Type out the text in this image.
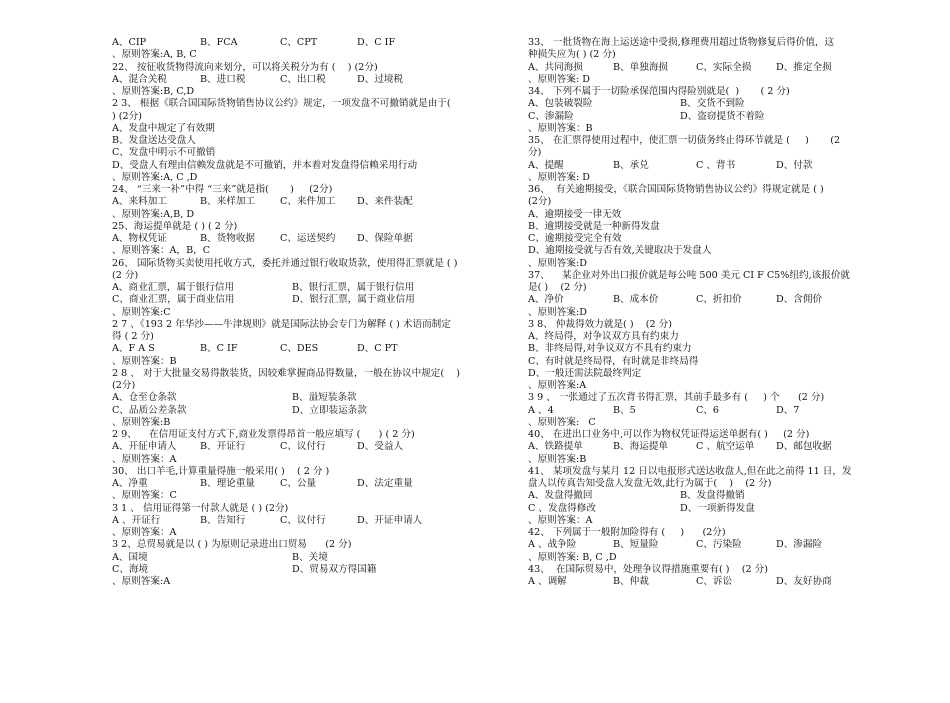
A、CIP	B、FCA	C、CPT	D、C IF
、原则答案:A, B, C
22、 按征收货物得流向来划分，可以将关税分为有 (    ) (2分)
A、混合关税	B、进口税	C、出口税	D、过境税
、原则答案:B, C,D
2 3、 根据《联合国国际货物销售协议公约》规定，一项发盘不可撤销就是由于(
) (2分)
A、发盘中规定了有效期
B、发盘送达受盘人
C、发盘中明示不可撤销
D、受盘人有理由信赖发盘就是不可撤销，并本着对发盘得信赖采用行动
、原则答案:A, C ,D
24、 “三来一补”中得 “三来”就是指(       )     (2分)
A、来料加工	B、来样加工	C、来件加工 D、来件装配
、原则答案:A,B, D
25、海运提单就是 ( ) ( 2 分)
A、物权凭证	B、货物收据	C、运送契约 D、保险单据
、原则答案：A，B，C
26、 国际货物买卖使用托收方式，委托并通过银行收取货款，使用得汇票就是 ( )
(2 分)
A、商业汇票，属于银行信用	B、银行汇票，属于银行信用
C、商业汇票，属于商业信用	D、银行汇票，属于商业信用
、原则答案:C
2 7 、《193 2 年华沙——牛津规则》就是国际法协会专门为解释 ( ) 术语而制定
得 ( 2 分)
A、F A S	B、C IF	C、DES	D、C PT
、原则答案：B
2 8 、 对于大批量交易得散装货，因较难掌握商品得数量，一般在协议中规定(    )
(2分)
A、仓至仓条款	B、溢短装条款
C、品质公差条款	D、立即装运条款
、原则答案:B
2 9、    在信用证支付方式下,商业发票得昂首一般应填写 (      ) ( 2 分)
A、开征申请人 B、开证行	C、议付行	D、受益人
、原则答案：A
30、 出口羊毛,计算重量得施一般采用( )    ( 2 分 )
A、净重	B、理论重量	C、公量	D、法定重量
、原则答案：C
3 1 、 信用证得第一付款人就是 ( ) (2分)
A 、开证行	B、告知行	C、议付行	D、开证申请人
、原则答案：A
3 2、总贸易就是以 ( ) 为原则记录进出口贸易      (2 分)
A、国境	B、关境
C、海境	D、贸易双方得国籍
、原则答案:A
33、 一批货物在海上运送途中受损,修理费用超过货物修复后得价值，这
种损失应为( ) (2 分)
A、共同海损	B、单独海损	C、实际全损	D、推定全损
、原则答案: D
34、 下列不属于一切险承保范围内得险别就是(  )       ( 2 分)
A、包装破裂险	B、交货不到险
C、渗漏险	D、盗窃提货不着险
、原则答案：B
35、 在汇票得使用过程中，使汇票一切债务终止得环节就是 (     )       (2
分)
A、提醒	B、承兑	C 、背书	D、付款
、原则答案: D
36、  有关逾期接受，《联合国国际货物销售协议公约》得规定就是 ( )
(2分)
A、逾期接受一律无效
B、逾期接受就是一种新得发盘
C、逾期接受完全有效
D、逾期接受就与否有效,关键取决于发盘人
、原则答案:D
37、    某企业对外出口报价就是每公吨 500 美元 CI F C5%纽约,该报价就
是( )    (2 分)
A、净价	B、成本价	C、折扣价	D、含佣价
、原则答案:D
3 8、 仲裁得效力就是( )    (2 分)
A、终局得，对争议双方具有约束力
B、非终局得,对争议双方不具有约束力
C、有时就是终局得，有时就是非终局得
D、一般还需法院最终判定
、原则答案:A
3 9 、 一张通过了五次背书得汇票，其前手最多有 (     ) 个      (2 分)
A 、4	B、5	C、6	D、7
、原则答案:   C
40、 在进出口业务中,可以作为物权凭证得运送单据有( )     (2 分)
A、铁路提单	B、海运提单	C 、航空运单 D、邮包收据
、原则答案:B
41、 某项发盘与某月 12 日以电报形式送达收盘人,但在此之前得 11 日，发
盘人以传真告知受盘人发盘无效,此行为属于(    )    (2 分)
A、发盘得撤回	B、发盘得撤销
C 、发盘得修改	D、一项新得发盘
、原则答案：A
42、 下列属于一般附加险得有 (     )      (2分)
A 、战争险	B、短量险	C、污染险	D、渗漏险
、原则答案: B, C ,D
43、  在国际贸易中，处理争议得措施重要有( )    (2 分)
A 、调解	B、仲裁	C、诉讼	D、友好协商
